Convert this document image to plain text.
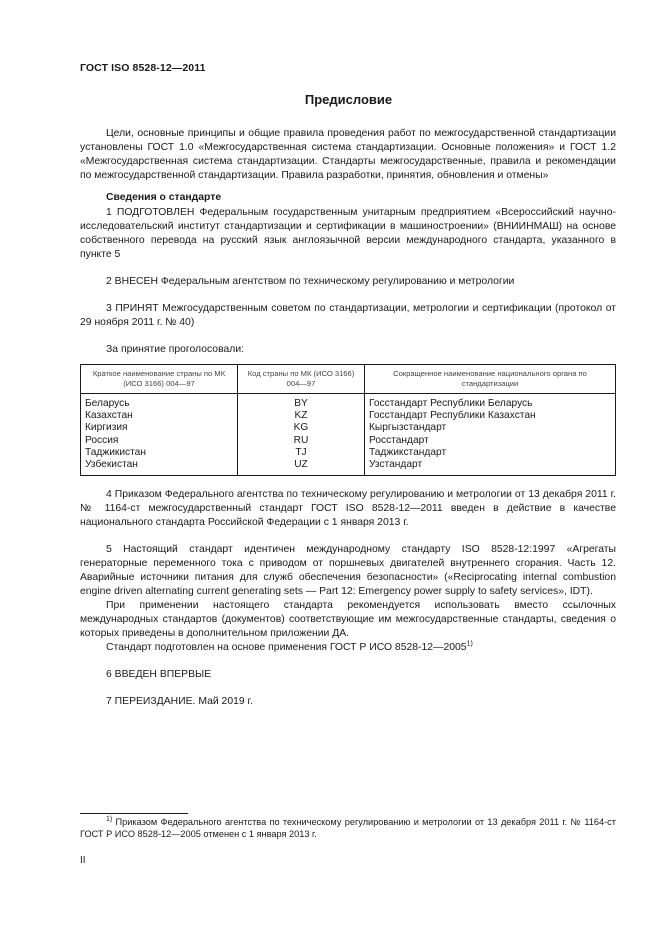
ГОСТ ISO 8528-12—2011
Предисловие

Цели, основные принципы и общие правила проведения работ по межгосударственной стандартизации установлены ГОСТ 1.0 «Межгосударственная система стандартизации. Основные положения» и ГОСТ 1.2 «Межгосударственная система стандартизации. Стандарты межгосударственные, правила и рекомендации по межгосударственной стандартизации. Правила разработки, принятия, обновления и отмены»

Сведения о стандарте

1 ПОДГОТОВЛЕН Федеральным государственным унитарным предприятием «Всероссийский научно-исследовательский институт стандартизации и сертификации в машиностроении» (ВНИИНМАШ) на основе собственного перевода на русский язык англоязычной версии международного стандарта, указанного в пункте 5

2 ВНЕСЕН Федеральным агентством по техническому регулированию и метрологии

3 ПРИНЯТ Межгосударственным советом по стандартизации, метрологии и сертификации (протокол от 29 ноября 2011 г. № 40)

За принятие проголосовали:

Краткое наименование страны по МК (ИСО 3166) 004—97	Код страны по МК (ИСО 3166) 004—97	Сокращенное наименование национального органа по стандартизации
Беларусь	BY	Госстандарт Республики Беларусь
Казахстан	KZ	Госстандарт Республики Казахстан
Киргизия	KG	Кыргызстандарт
Россия	RU	Росстандарт
Таджикистан	TJ	Таджикстандарт
Узбекистан	UZ	Узстандарт

4 Приказом Федерального агентства по техническому регулированию и метрологии от 13 декабря 2011 г. № 1164-ст межгосударственный стандарт ГОСТ ISO 8528-12—2011 введен в действие в качестве национального стандарта Российской Федерации с 1 января 2013 г.

5 Настоящий стандарт идентичен международному стандарту ISO 8528-12:1997 «Агрегаты генераторные переменного тока с приводом от поршневых двигателей внутреннего сгорания. Часть 12. Аварийные источники питания для служб обеспечения безопасности» («Reciprocating internal combustion engine driven alternating current generating sets — Part 12: Emergency power supply to safety services», IDT).

При применении настоящего стандарта рекомендуется использовать вместо ссылочных международных стандартов (документов) соответствующие им межгосударственные стандарты, сведения о которых приведены в дополнительном приложении ДА.

Стандарт подготовлен на основе применения ГОСТ Р ИСО 8528-12—2005$^{1)}$

6 ВВЕДЕН ВПЕРВЫЕ

7 ПЕРЕИЗДАНИЕ. Май 2019 г.

$^{1)}$ Приказом Федерального агентства по техническому регулированию и метрологии от 13 декабря 2011 г. № 1164-ст ГОСТ Р ИСО 8528-12—2005 отменен с 1 января 2013 г.
II
